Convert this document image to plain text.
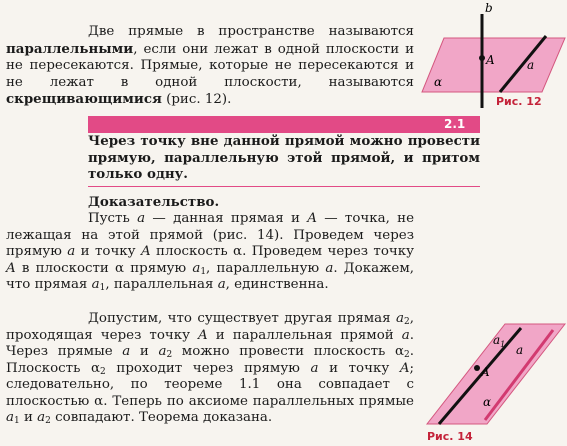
Две прямые в пространстве называются параллельными, если они лежат в одной плоскости и не пересекаются. Прямые, которые не пересекаются и не лежат в одной плоскости, называются скрещивающимися (рис. 12).

b
A	a
α
Рис. 12
2.1

Через точку вне данной прямой можно провести прямую, параллельную этой прямой, и притом только одну.

Доказательство.

Пусть a — данная прямая и A — точка, не лежащая на этой прямой (рис. 14). Проведем через прямую a и точку A плоскость α. Проведем через точку A в плоскости α прямую $a_1$, параллельную a. Докажем, что прямая $a_1$, параллельная a, единственна.

Допустим, что существует другая прямая $a_2$, проходящая через точку A и параллельная прямой a. Через прямые a и $a_2$ можно провести плоскость $\alpha_2$. Плоскость $\alpha_2$ проходит через прямую a и точку A; следовательно, по теореме 1.1 она совпадает с плоскостью α. Теперь по аксиоме параллельных прямые $a_1$ и $a_2$ совпадают. Теорема доказана.

$a_1$ a
A
α
Рис. 14
